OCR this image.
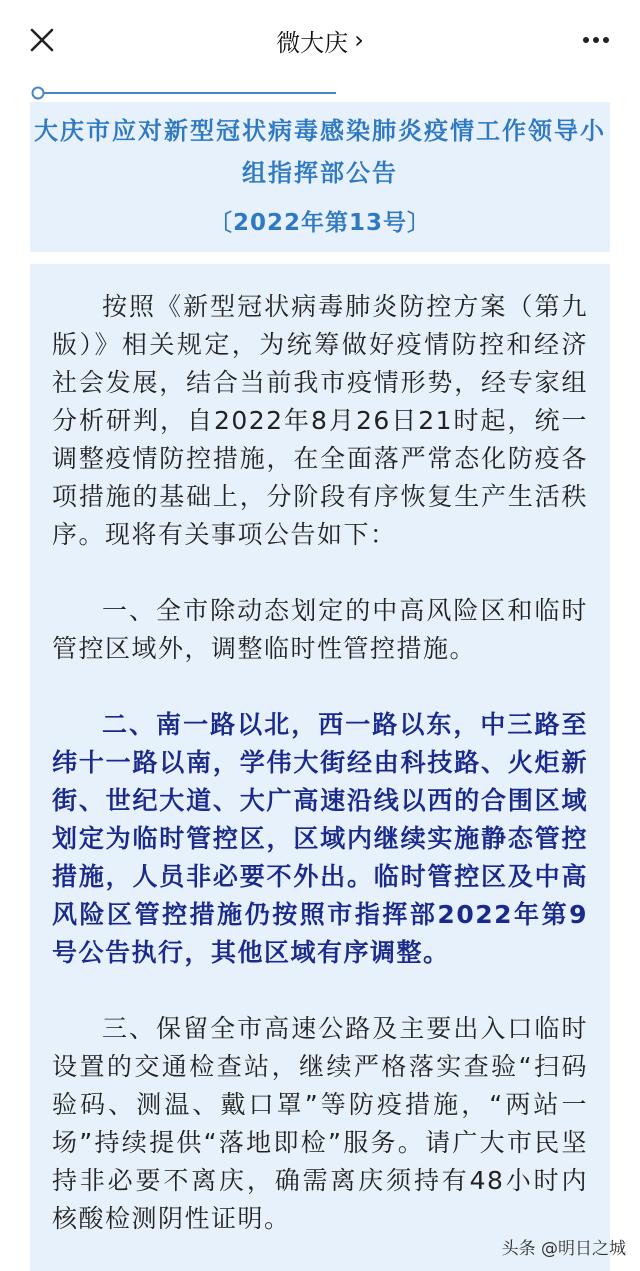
微大庆 ›
大庆市应对新型冠状病毒感染肺炎疫情工作领导小组指挥部公告
〔2022年第13号〕

按照《新型冠状病毒肺炎防控方案（第九版）》相关规定，为统筹做好疫情防控和经济社会发展，结合当前我市疫情形势，经专家组分析研判，自2022年8月26日21时起，统一调整疫情防控措施，在全面落严常态化防疫各项措施的基础上，分阶段有序恢复生产生活秩序。现将有关事项公告如下：

一、全市除动态划定的中高风险区和临时管控区域外，调整临时性管控措施。

二、南一路以北，西一路以东，中三路至纬十一路以南，学伟大街经由科技路、火炬新街、世纪大道、大广高速沿线以西的合围区域划定为临时管控区，区域内继续实施静态管控措施，人员非必要不外出。临时管控区及中高风险区管控措施仍按照市指挥部2022年第9号公告执行，其他区域有序调整。

三、保留全市高速公路及主要出入口临时设置的交通检查站，继续严格落实查验“扫码验码、测温、戴口罩”等防疫措施，“两站一场”持续提供“落地即检”服务。请广大市民坚持非必要不离庆，确需离庆须持有48小时内核酸检测阴性证明。

头条 @明日之城
